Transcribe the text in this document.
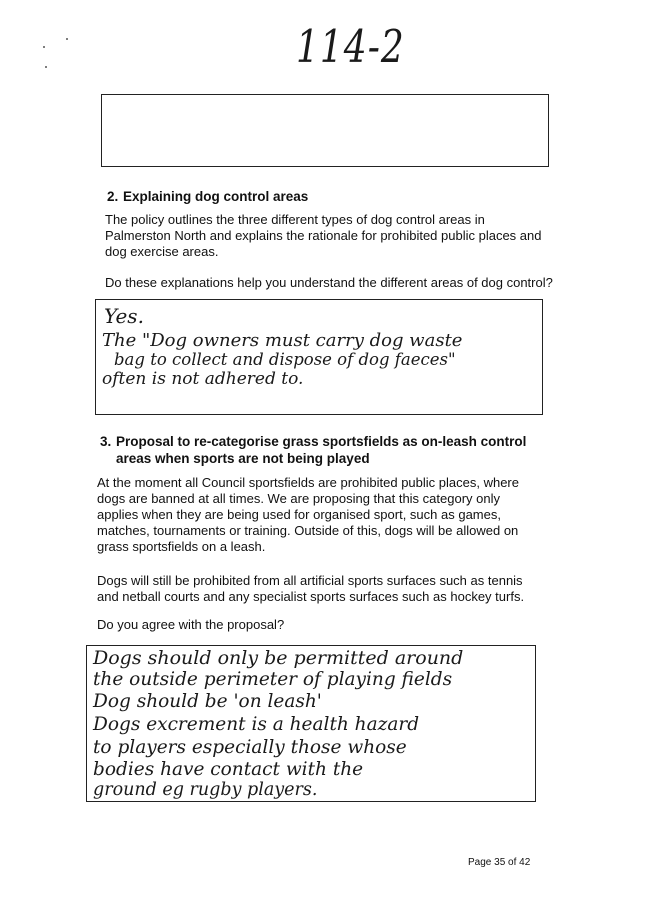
114-2
2. Explaining dog control areas
The policy outlines the three different types of dog control areas in Palmerston North and explains the rationale for prohibited public places and dog exercise areas.
Do these explanations help you understand the different areas of dog control?
Yes.
The "Dog owners must carry dog waste
bag to collect and dispose of dog faeces"
often is not adhered to.
3. Proposal to re-categorise grass sportsfields as on-leash control
areas when sports are not being played
At the moment all Council sportsfields are prohibited public places, where dogs are banned at all times. We are proposing that this category only applies when they are being used for organised sport, such as games, matches, tournaments or training. Outside of this, dogs will be allowed on grass sportsfields on a leash.
Dogs will still be prohibited from all artificial sports surfaces such as tennis and netball courts and any specialist sports surfaces such as hockey turfs.
Do you agree with the proposal?
Dogs should only be permitted around
the outside perimeter of playing fields
Dog should be 'on leash'
Dogs excrement is a health hazard
to players especially those whose
bodies have contact with the
ground eg rugby players.
Page 35 of 42
